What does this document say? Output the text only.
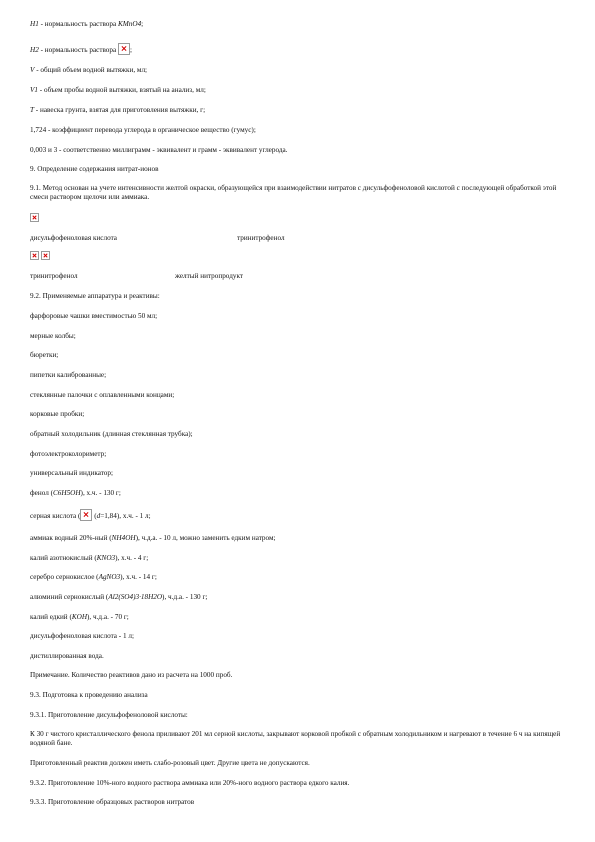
H1 - нормальность раствора KMnO4;
H2 - нормальность раствора ;
V - общий объем водной вытяжки, мл;
V1 - объем пробы водной вытяжки, взятый на анализ, мл;
T - навеска грунта, взятая для приготовления вытяжки, г;
1,724 - коэффициент перевода углерода в органическое вещество (гумус);
0,003 и 3 - соответственно миллиграмм - эквивалент и грамм - эквивалент углерода.
9. Определение содержания нитрат-ионов
9.1. Метод основан на учете интенсивности желтой окраски, образующейся при взаимодействии нитратов с дисульфофеноловой кислотой с последующей обработкой этой смеси раствором щелочи или аммиака.
дисульфофеноловая кислота	тринитрофенол
тринитрофенол	желтый нитропродукт
9.2. Применяемые аппаратура и реактивы:
фарфоровые чашки вместимостью 50 мл;
мерные колбы;
бюретки;
пипетки калиброванные;
стеклянные палочки с оплавленными концами;
корковые пробки;
обратный холодильник (длинная стеклянная трубка);
фотоэлектроколориметр;
универсальный индикатор;
фенол (C6H5OH), х.ч. - 130 г;
серная кислота ( (d=1,84), х.ч. - 1 л;
аммиак водный 20%-ный (NH4OH), ч.д.а. - 10 л, можно заменить едким натром;
калий азотнокислый (KNO3), х.ч. - 4 г;
серебро сернокислое (AgNO3), х.ч. - 14 г;
алюминий сернокислый (Al2(SO4)3·18H2O), ч.д.а. - 130 г;
калий едкий (KOH), ч.д.а. - 70 г;
дисульфофеноловая кислота - 1 л;
дистиллированная вода.
Примечание. Количество реактивов дано из расчета на 1000 проб.
9.3. Подготовка к проведению анализа
9.3.1. Приготовление дисульфофеноловой кислоты:
К 30 г чистого кристаллического фенола приливают 201 мл серной кислоты, закрывают корковой пробкой с обратным холодильником и нагревают в течение 6 ч на кипящей водяной бане.
Приготовленный реактив должен иметь слабо-розовый цвет. Другие цвета не допускаются.
9.3.2. Приготовление 10%-ного водного раствора аммиака или 20%-ного водного раствора едкого калия.
9.3.3. Приготовление образцовых растворов нитратов
